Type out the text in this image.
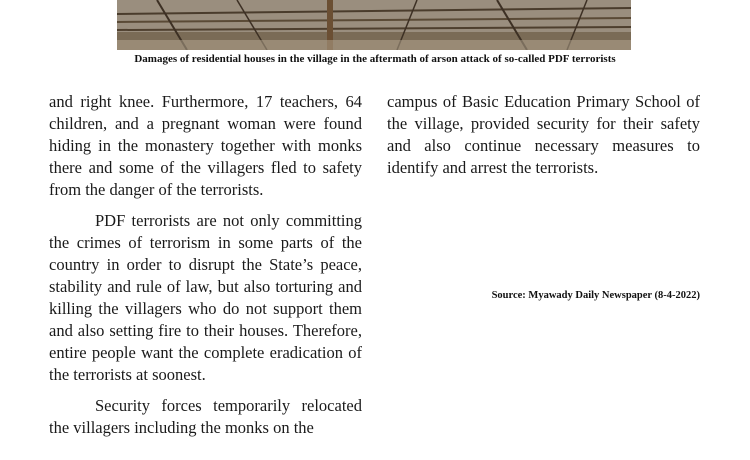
Damages of residential houses in the village in the aftermath of arson attack of so-called PDF terrorists

and right knee. Furthermore, 17 teachers, 64 children, and a pregnant woman were found hiding in the monastery together with monks there and some of the villagers fled to safety from the danger of the terrorists.

PDF terrorists are not only committing the crimes of terrorism in some parts of the country in order to disrupt the State’s peace, stability and rule of law, but also torturing and killing the villagers who do not support them and also setting fire to their houses. Therefore, entire people want the complete eradication of the terrorists at soonest.

Security forces temporarily relocated the villagers including the monks on the

campus of Basic Education Primary School of the village, provided security for their safety and also continue necessary measures to identify and arrest the terrorists.

Source: Myawady Daily Newspaper (8-4-2022)
